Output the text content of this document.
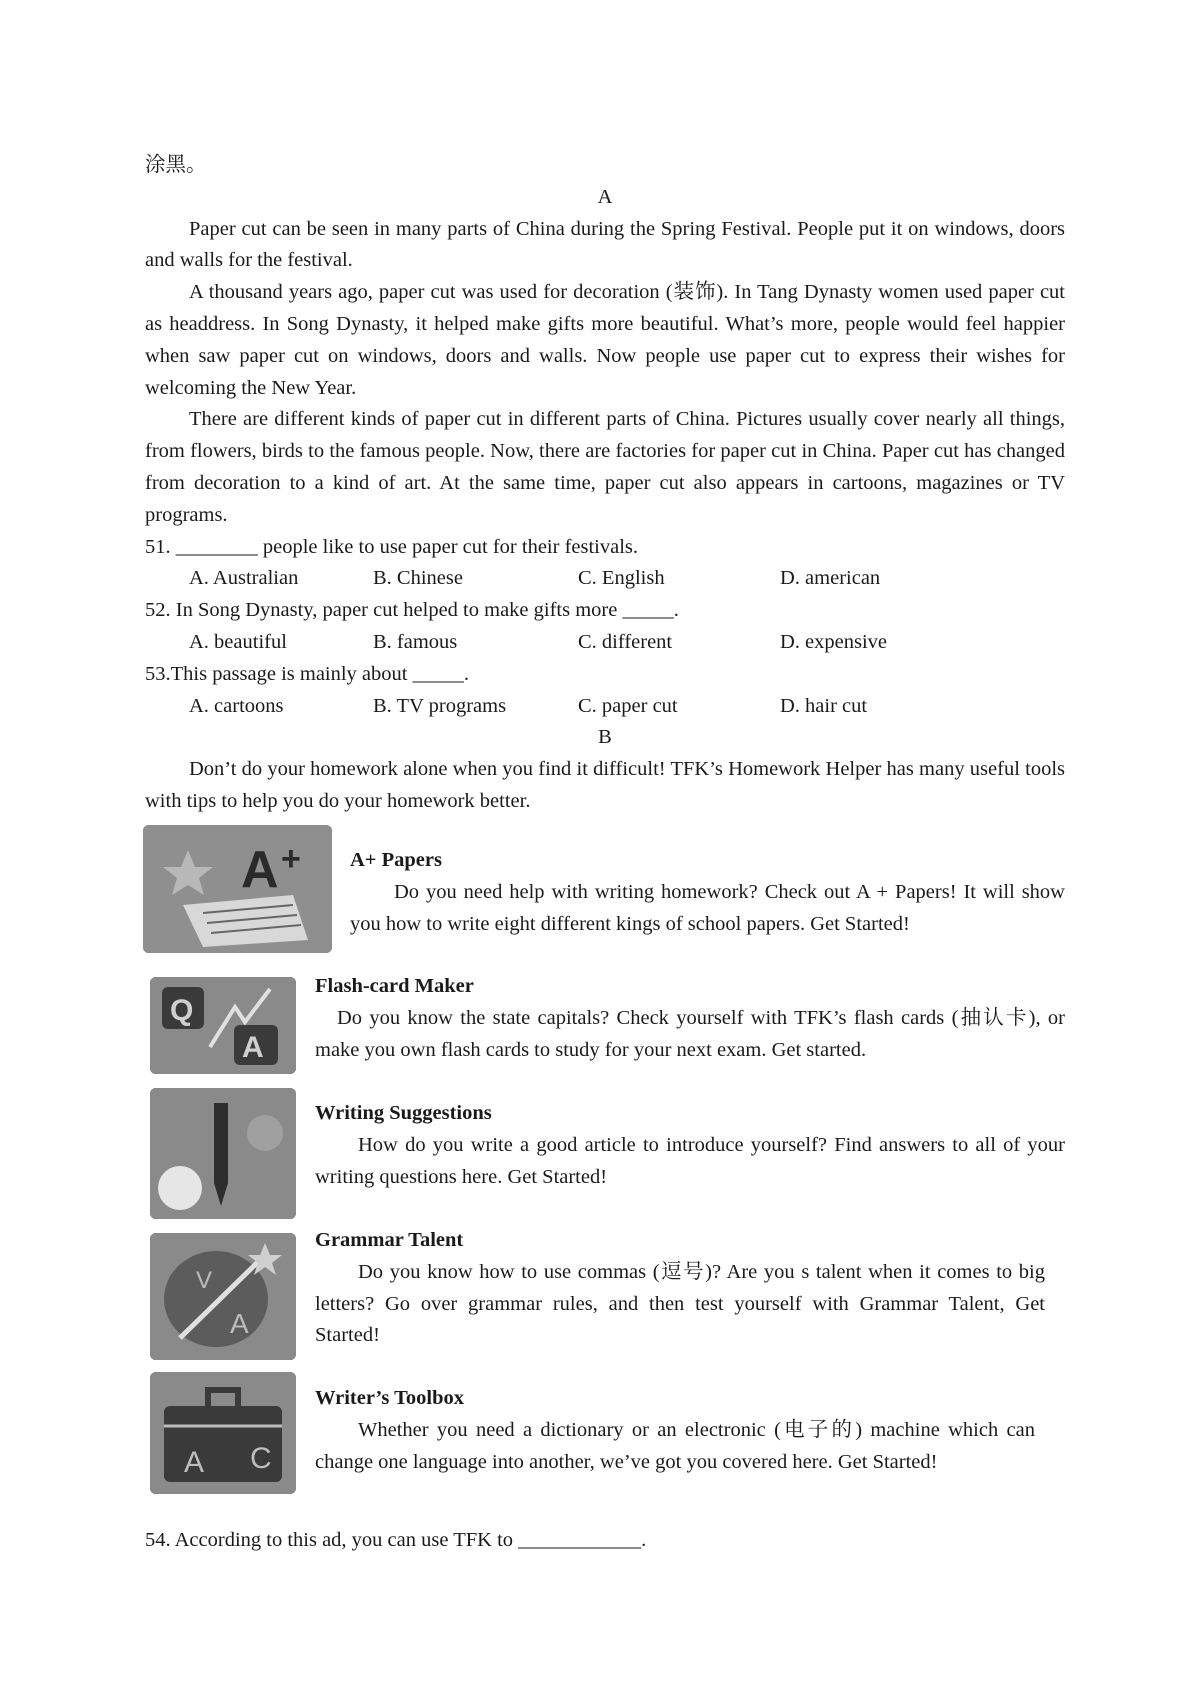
涂黑。
A

Paper cut can be seen in many parts of China during the Spring Festival. People put it on windows, doors and walls for the festival.

A thousand years ago, paper cut was used for decoration (装饰). In Tang Dynasty women used paper cut as headdress. In Song Dynasty, it helped make gifts more beautiful. What’s more, people would feel happier when saw paper cut on windows, doors and walls. Now people use paper cut to express their wishes for welcoming the New Year.

There are different kinds of paper cut in different parts of China. Pictures usually cover nearly all things, from flowers, birds to the famous people. Now, there are factories for paper cut in China. Paper cut has changed from decoration to a kind of art. At the same time, paper cut also appears in cartoons, magazines or TV programs.

51. ________ people like to use paper cut for their festivals.

A. Australian	B. Chinese	C. English	D. american

52. In Song Dynasty, paper cut helped to make gifts more _____.

A. beautiful	B. famous	C. different	D. expensive

53.This passage is mainly about _____.

A. cartoons	B. TV programs	C. paper cut	D. hair cut
B

Don’t do your homework alone when you find it difficult! TFK’s Homework Helper has many useful tools with tips to help you do your homework better.

A + A+ Papers

Do you need help with writing homework? Check out A + Papers! It will show you how to write eight different kings of school papers. Get Started!

Q
A
Flash-card Maker

Do you know the state capitals? Check yourself with TFK’s flash cards (抽认卡), or make you own flash cards to study for your next exam. Get started.

Writing Suggestions

How do you write a good article to introduce yourself? Find answers to all of your writing questions here. Get Started!

V
A
Grammar Talent

Do you know how to use commas (逗号)? Are you s talent when it comes to big letters? Go over grammar rules, and then test yourself with Grammar Talent, Get Started!

A C
Writer’s Toolbox

Whether you need a dictionary or an electronic (电子的) machine which can change one language into another, we’ve got you covered here. Get Started!

54. According to this ad, you can use TFK to ____________.
